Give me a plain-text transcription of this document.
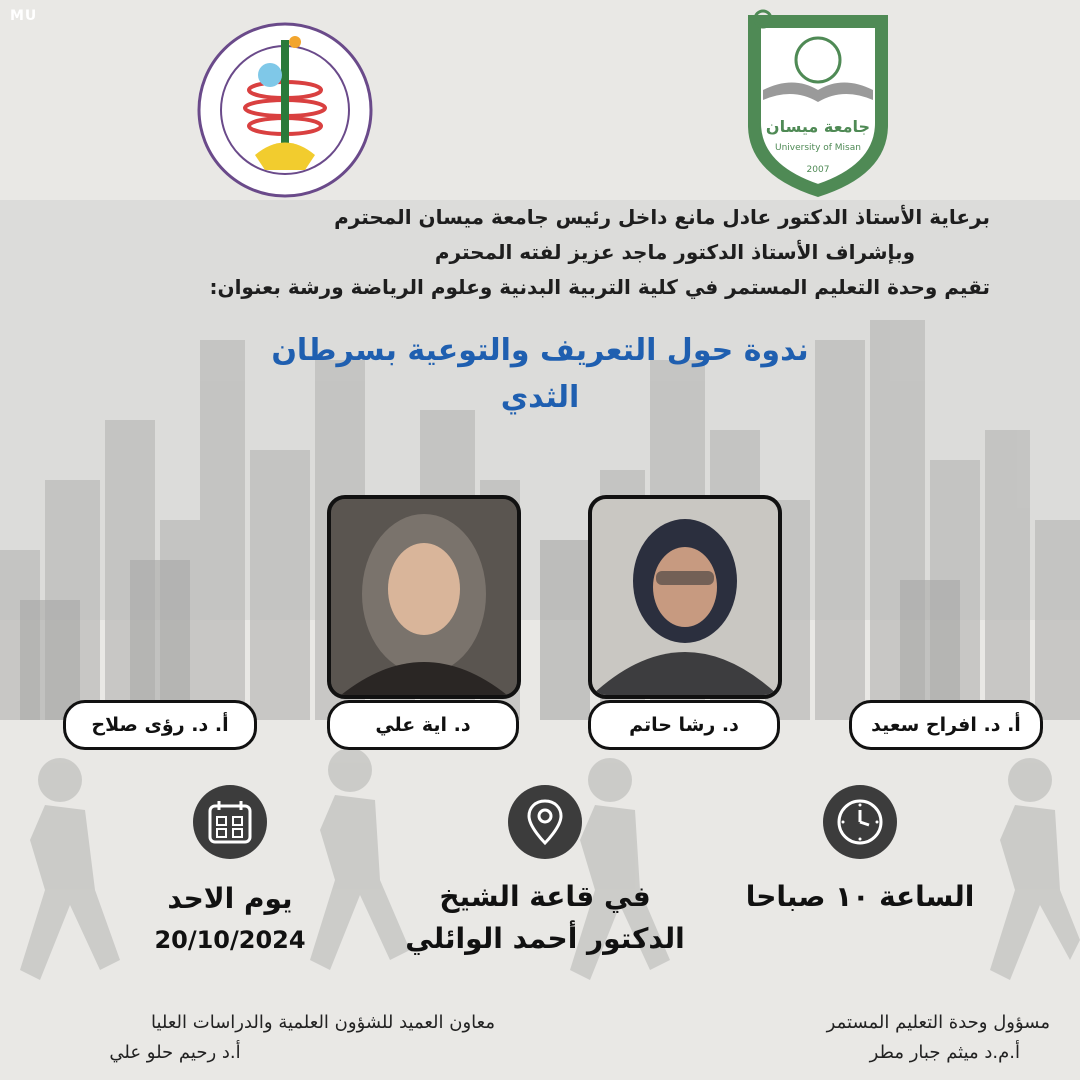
MU
جامعة ميسان
University of Misan
2007
برعاية الأستاذ الدكتور عادل مانع داخل رئيس جامعة ميسان المحترم
وبإشراف الأستاذ الدكتور ماجد عزيز لفته المحترم
تقيم وحدة التعليم المستمر في كلية التربية البدنية وعلوم الرياضة ورشة بعنوان:
ندوة حول التعريف والتوعية بسرطان
الثدي
أ. د. رؤى صلاح	د. اية علي	د. رشا حاتم	أ. د. افراح سعيد
يوم الاحد
20/10/2024
في قاعة الشيخ
الدكتور أحمد الوائلي
الساعة ١٠ صباحا
معاون العميد للشؤون العلمية والدراسات العليا
أ.د رحيم حلو علي
مسؤول وحدة التعليم المستمر
أ.م.د ميثم جبار مطر
